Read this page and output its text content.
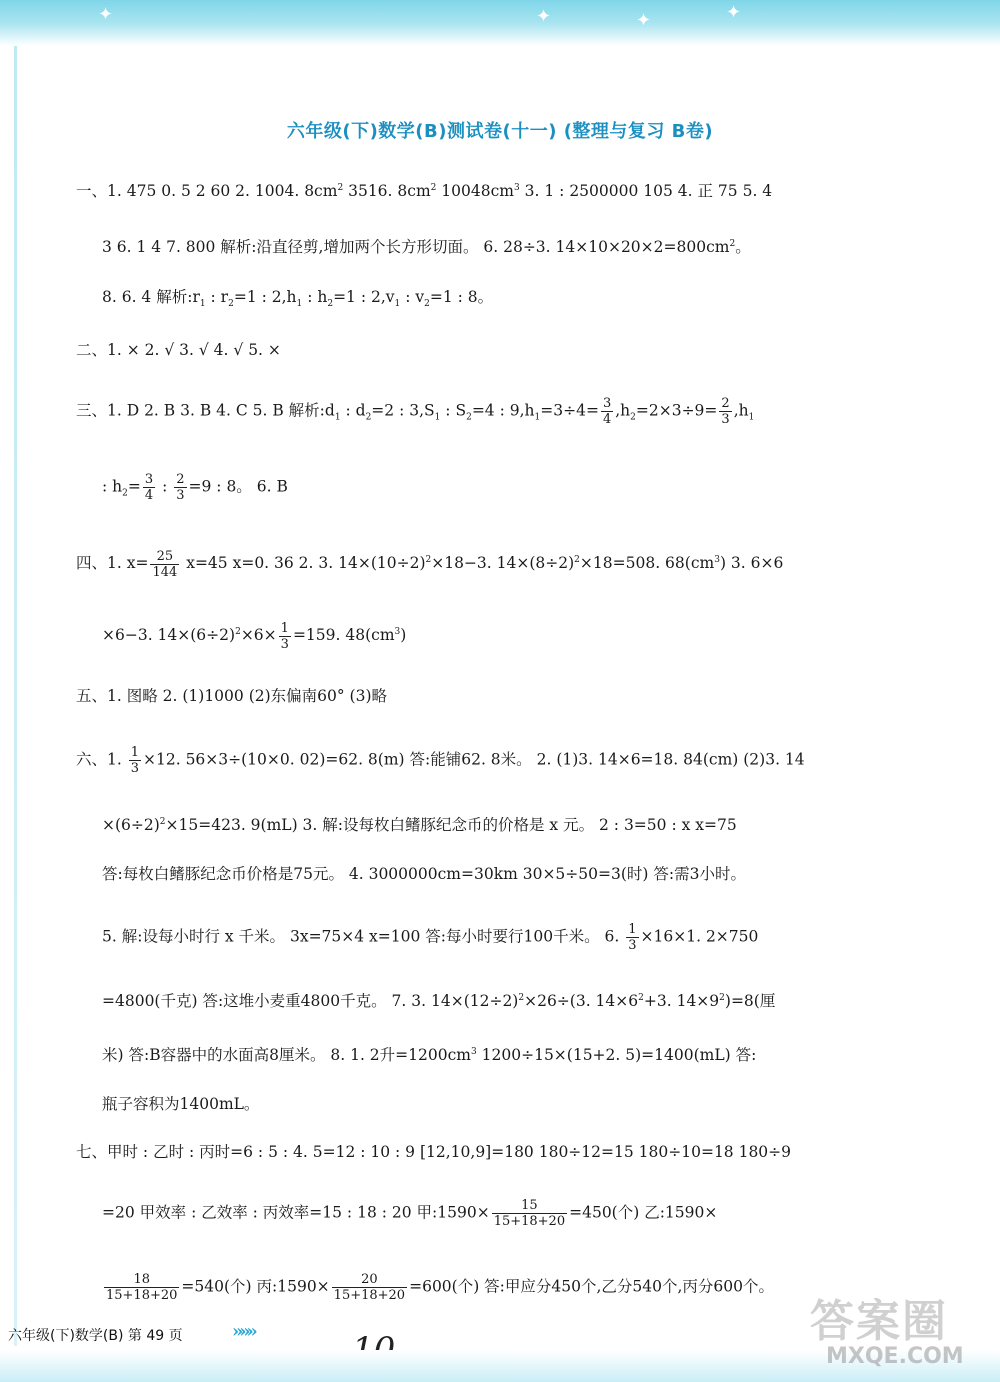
✦	✦	✦	✦
六年级(下)数学(B)测试卷(十一) (整理与复习 B卷)
一、1. 475 0. 5 2 60 2. 1004. $8cm^2$ 3516. $8cm^2$ $10048cm^3$ 3. 1 : 2500000 105 4. 正 75 5. 4
3 6. 1 4 7. 800 解析:沿直径剪,增加两个长方形切面。 6. 28÷3. $14\times 10\times 20\times 2=800cm^2$。
8. 6. 4 解析$:r_1$ : $r_2=1$ : $2,h_1$ : $h_2=1$ : $2,v_1$ : $v_2=1$ : 8。
二、1. × 2. √ 3. √ 4. √ 5. ×
三、1. D 2. B 3. B 4. C 5. B 解析$:d_1$ : $d_2=2$ : $3,S_1$ : $S_2=4$ : $9,h_1=3\div 4= \frac{3}{4} ,h_2=2\times 3\div 9= \frac{2}{3} ,h_1$
: $h_2= \frac{3}{4}$ : $\frac{2}{3} =9$ : 8。 6. B
四、1. $x= \frac{25}{144} x=45$ x=0. 36 2. 3. $14\times(10\div 2)^2\times 18-3$. $14\times(8\div 2)^2\times 18=508$. $68(cm^3)$ 3. 6×6
×6−3. $14\times(6\div 2)^2\times 6\times \frac{1}{3} =159$. $48(cm^3)$
五、1. 图略 2. (1)1000 (2)东偏南60° (3)略
六、1. $\frac{1}{3} \times 12$. 56×3÷(10×0. 02)=62. 8(m) 答:能铺62. 8米。 2. (1)3. 14×6=18. 84(cm) (2)3. 14
$\times(6\div 2)^2\times 15=423$. 9(mL) 3. 解:设每枚白鳍豚纪念币的价格是 x 元。 2 : 3=50 : x x=75
答:每枚白鳍豚纪念币价格是75元。 4. 3000000cm=30km 30×5÷50=3(时) 答:需3小时。
5. 解:设每小时行 x 千米。 3x=75×4 x=100 答:每小时要行100千米。 6. $\frac{1}{3} \times 16\times 1$. 2×750
=4800(千克) 答:这堆小麦重4800千克。 7. 3. $14\times(12\div 2)^2\times 26\div(3$. $14\times 6^2+3$. $14\times 9^2)=8$(厘
米) 答:B容器中的水面高8厘米。 8. 1. 2升$=1200cm^3$ 1200÷15×(15+2. 5)=1400(mL) 答:
瓶子容积为1400mL。
七、甲时 : 乙时 : 丙时=6 : 5 : 4. 5=12 : 10 : 9 [12,10,9]=180 180÷12=15 180÷10=18 180÷9
=20 甲效率 : 乙效率 : 丙效率=15 : 18 : 20 甲:1590× $\frac{15}{15+18+20} =450$(个) 乙:1590×
$\frac{18}{15+18+20} =540$(个) 丙:1590× $\frac{20}{15+18+20} =600$(个) 答:甲应分450个,乙分540个,丙分600个。
六年级(下)数学(B) 第 49 页	»»»	答案圈
MXQE.COM
